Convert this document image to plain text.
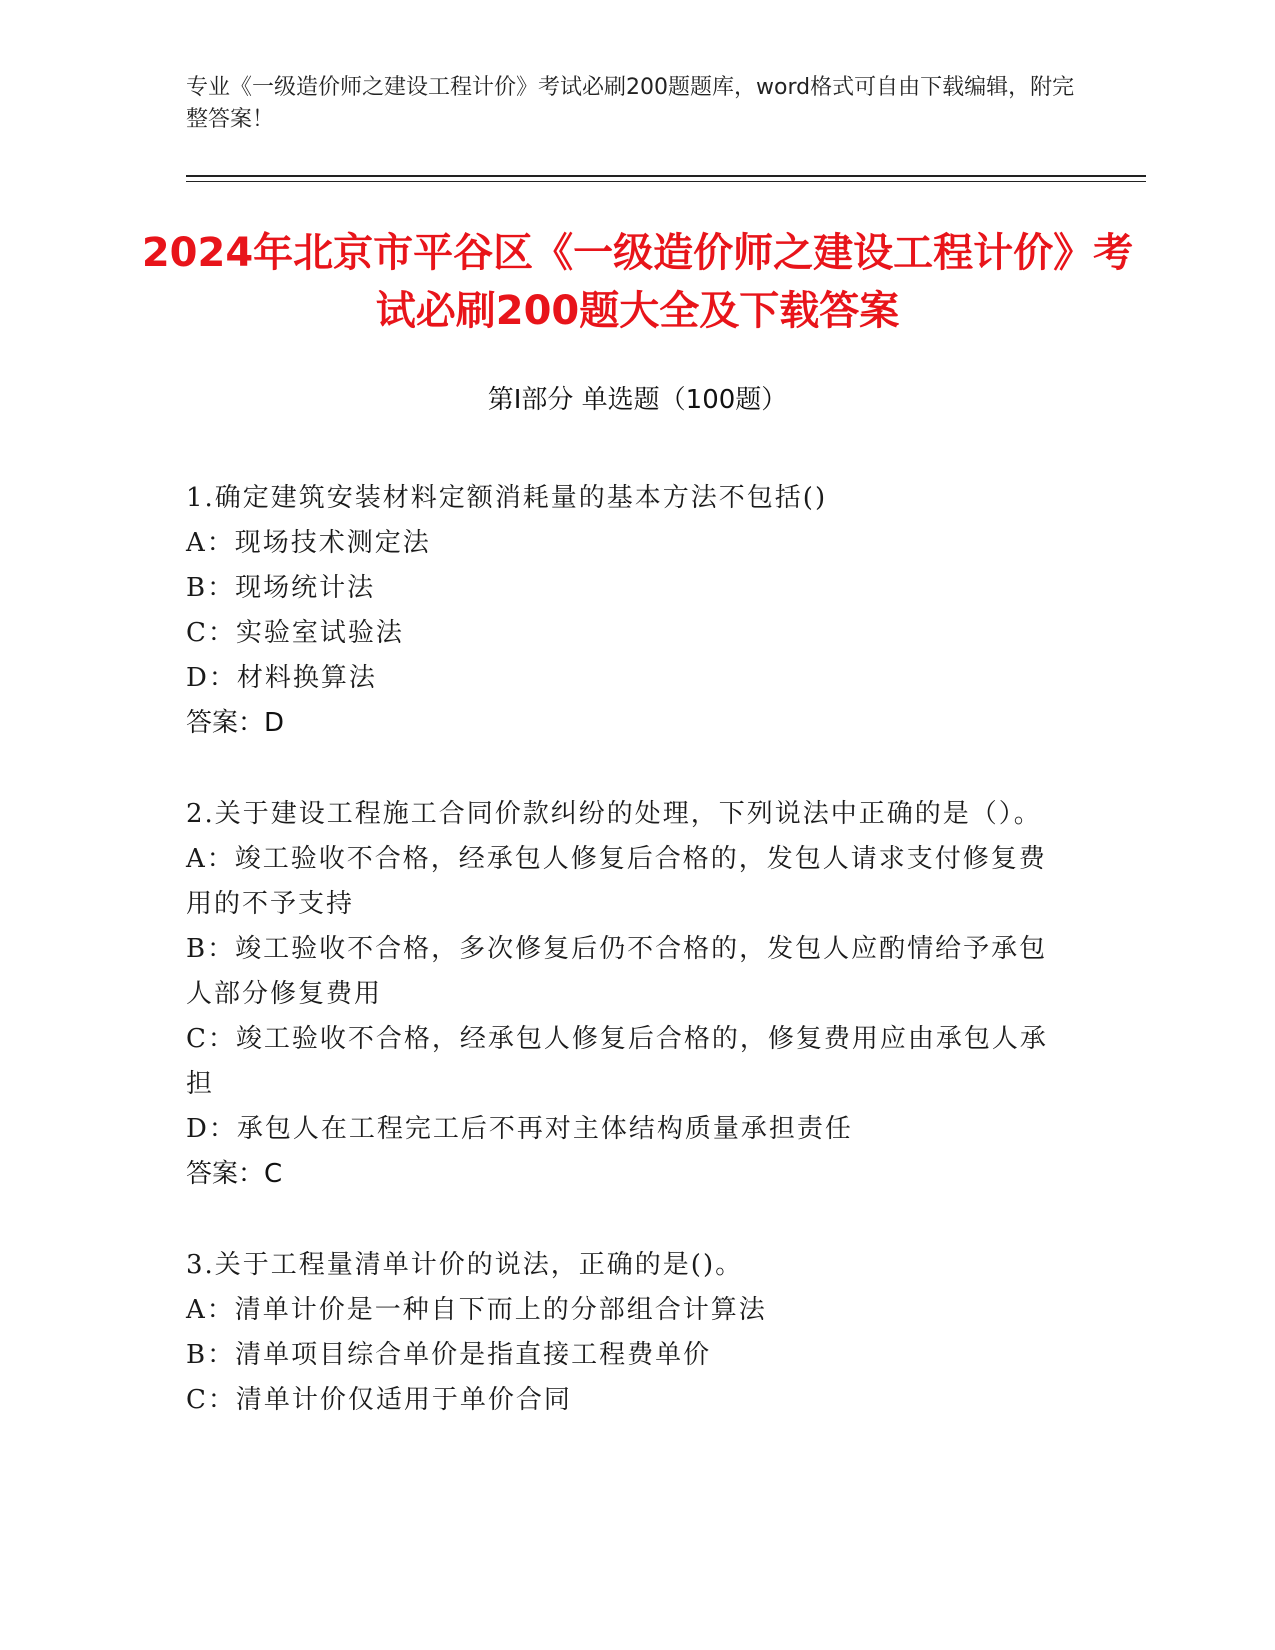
专业《一级造价师之建设工程计价》考试必刷200题题库，word格式可自由下载编辑，附完整答案！
2024年北京市平谷区《一级造价师之建设工程计价》考试必刷200题大全及下载答案
第Ⅰ部分 单选题（100题）
1.确定建筑安装材料定额消耗量的基本方法不包括()
A：现场技术测定法
B：现场统计法
C：实验室试验法
D：材料换算法
答案：D
2.关于建设工程施工合同价款纠纷的处理，下列说法中正确的是（）。
A：竣工验收不合格，经承包人修复后合格的，发包人请求支付修复费用的不予支持
B：竣工验收不合格，多次修复后仍不合格的，发包人应酌情给予承包人部分修复费用
C：竣工验收不合格，经承包人修复后合格的，修复费用应由承包人承担
D：承包人在工程完工后不再对主体结构质量承担责任
答案：C
3.关于工程量清单计价的说法，正确的是()。
A：清单计价是一种自下而上的分部组合计算法
B：清单项目综合单价是指直接工程费单价
C：清单计价仅适用于单价合同
